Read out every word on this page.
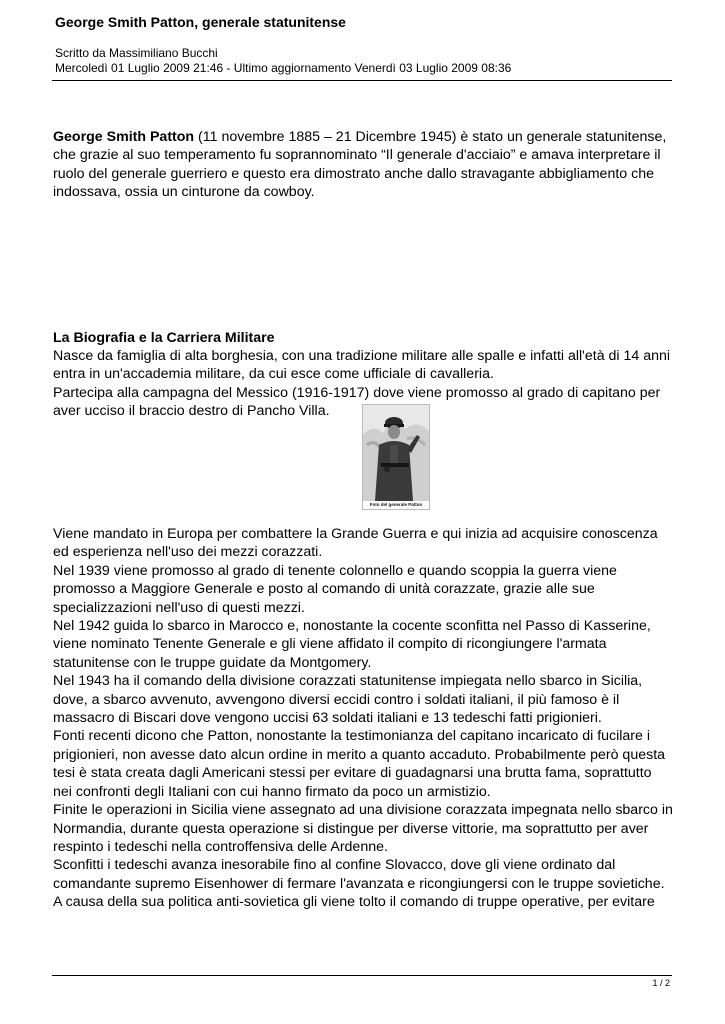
George Smith Patton, generale statunitense
Scritto da Massimiliano Bucchi
Mercoledì 01 Luglio 2009 21:46 - Ultimo aggiornamento Venerdì 03 Luglio 2009 08:36
George Smith Patton (11 novembre 1885 – 21 Dicembre 1945) è stato un generale statunitense, che grazie al suo temperamento fu soprannominato “Il generale d'acciaio” e amava interpretare il ruolo del generale guerriero e questo era dimostrato anche dallo stravagante abbigliamento che indossava, ossia un cinturone da cowboy.
La Biografia e la Carriera Militare

Nasce da famiglia di alta borghesia, con una tradizione militare alle spalle e infatti all'età di 14 anni entra in un'accademia militare, da cui esce come ufficiale di cavalleria.

Partecipa alla campagna del Messico (1916-1917) dove viene promosso al grado di capitano per aver ucciso il braccio destro di Pancho Villa.

Foto del generale Patton

Viene mandato in Europa per combattere la Grande Guerra e qui inizia ad acquisire conoscenza ed esperienza nell'uso dei mezzi corazzati.

Nel 1939 viene promosso al grado di tenente colonnello e quando scoppia la guerra viene promosso a Maggiore Generale e posto al comando di unità corazzate, grazie alle sue specializzazioni nell'uso di questi mezzi.

Nel 1942 guida lo sbarco in Marocco e, nonostante la cocente sconfitta nel Passo di Kasserine, viene nominato Tenente Generale e gli viene affidato il compito di ricongiungere l'armata statunitense con le truppe guidate da Montgomery.

Nel 1943 ha il comando della divisione corazzati statunitense impiegata nello sbarco in Sicilia, dove, a sbarco avvenuto, avvengono diversi eccidi contro i soldati italiani, il più famoso è il massacro di Biscari dove vengono uccisi 63 soldati italiani e 13 tedeschi fatti prigionieri.

Fonti recenti dicono che Patton, nonostante la testimonianza del capitano incaricato di fucilare i prigionieri, non avesse dato alcun ordine in merito a quanto accaduto. Probabilmente però questa tesi è stata creata dagli Americani stessi per evitare di guadagnarsi una brutta fama, soprattutto nei confronti degli Italiani con cui hanno firmato da poco un armistizio.

Finite le operazioni in Sicilia viene assegnato ad una divisione corazzata impegnata nello sbarco in Normandia, durante questa operazione si distingue per diverse vittorie, ma soprattutto per aver respinto i tedeschi nella controffensiva delle Ardenne.

Sconfitti i tedeschi avanza inesorabile fino al confine Slovacco, dove gli viene ordinato dal comandante supremo Eisenhower di fermare l'avanzata e ricongiungersi con le truppe sovietiche.

A causa della sua politica anti-sovietica gli viene tolto il comando di truppe operative, per evitare

1 / 2
